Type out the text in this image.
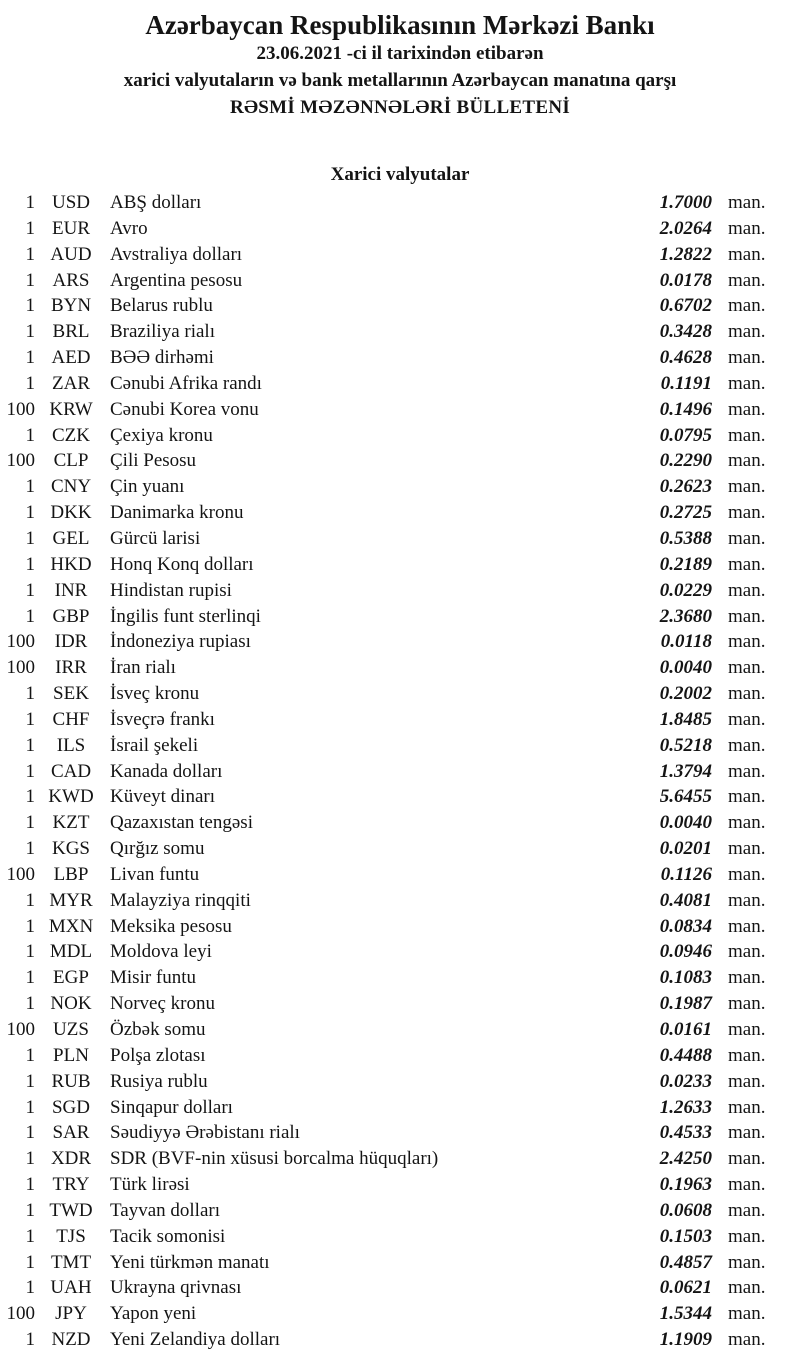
Azərbaycan Respublikasının Mərkəzi Bankı
23.06.2021 -ci il tarixindən etibarən
xarici valyutaların və bank metallarının Azərbaycan manatına qarşı
RƏSMİ MƏZƏNNƏLƏRİ BÜLLETENİ
Xarici valyutalar
1 USD	ABŞ dolları	1.7000 man.
1 EUR	Avro	2.0264 man.
1 AUD Avstraliya dolları	1.2822 man.
1 ARS	Argentina pesosu	0.0178 man.
1 BYN Belarus rublu	0.6702 man.
1 BRL	Braziliya rialı	0.3428 man.
1 AED	BƏƏ dirhəmi	0.4628 man.
1 ZAR	Cənubi Afrika randı	0.1191 man.
100 KRW Cənubi Korea vonu	0.1496 man.
1 CZK	Çexiya kronu	0.0795 man.
100 CLP	Çili Pesosu	0.2290 man.
1 CNY Çin yuanı	0.2623 man.
1 DKK Danimarka kronu	0.2725 man.
1 GEL	Gürcü larisi	0.5388 man.
1 HKD Honq Konq dolları	0.2189 man.
1	INR	Hindistan rupisi	0.0229 man.
1 GBP	İngilis funt sterlinqi	2.3680 man.
100	IDR	İndoneziya rupiası	0.0118 man.
100	IRR	İran rialı	0.0040 man.
1 SEK	İsveç kronu	0.2002 man.
1 CHF	İsveçrə frankı	1.8485 man.
1	ILS	İsrail şekeli	0.5218 man.
1 CAD Kanada dolları	1.3794 man.
1 KWD Küveyt dinarı	5.6455 man.
1 KZT	Qazaxıstan tengəsi	0.0040 man.
1 KGS	Qırğız somu	0.0201 man.
100 LBP	Livan funtu	0.1126 man.
1 MYR Malayziya rinqqiti	0.4081 man.
1 MXN Meksika pesosu	0.0834 man.
1 MDL Moldova leyi	0.0946 man.
1 EGP	Misir funtu	0.1083 man.
1 NOK Norveç kronu	0.1987 man.
100 UZS	Özbək somu	0.0161 man.
1 PLN	Polşa zlotası	0.4488 man.
1 RUB	Rusiya rublu	0.0233 man.
1 SGD	Sinqapur dolları	1.2633 man.
1 SAR	Səudiyyə Ərəbistanı rialı	0.4533 man.
1 XDR SDR (BVF-nin xüsusi borcalma hüquqları)	2.4250 man.
1 TRY	Türk lirəsi	0.1963 man.
1 TWD Tayvan dolları	0.0608 man.
1	TJS	Tacik somonisi	0.1503 man.
1 TMT Yeni türkmən manatı	0.4857 man.
1 UAH Ukrayna qrivnası	0.0621 man.
100	JPY	Yapon yeni	1.5344 man.
1 NZD	Yeni Zelandiya dolları	1.1909 man.
